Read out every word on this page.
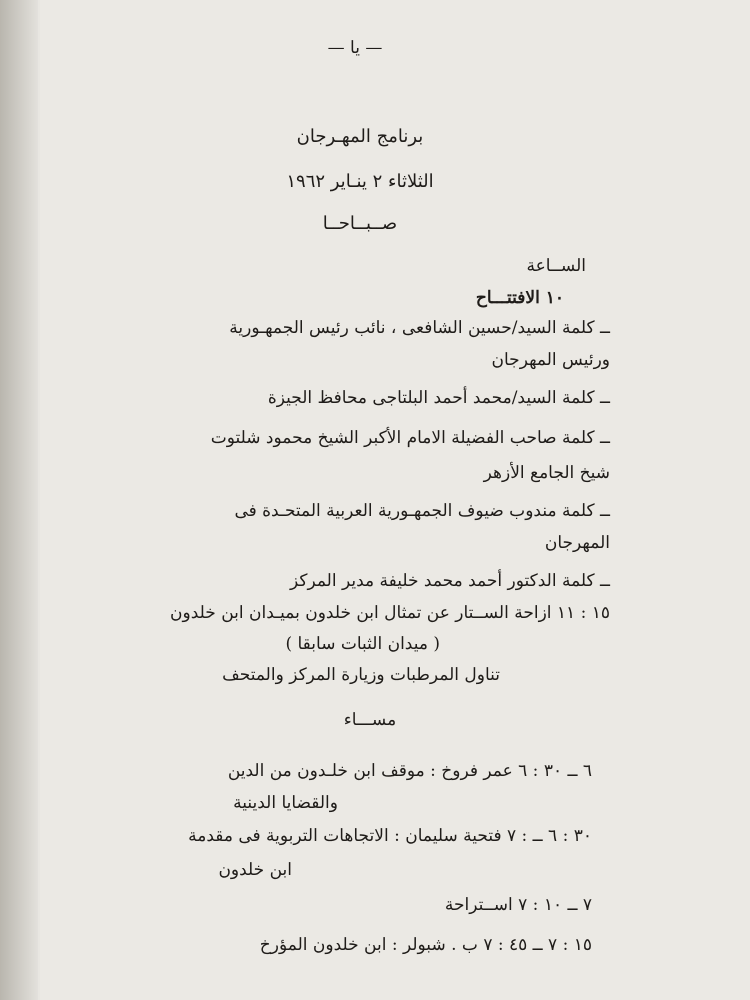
— يا —
برنامج المهـرجان
الثلاثاء ٢ ينـاير ١٩٦٢
صــبــاحــا
الســاعة
١٠ الافتتـــاح
ــ كلمة السيد/حسين الشافعى ، نائب رئيس الجمهـورية
ورئيس المهرجان
ــ كلمة السيد/محمد أحمد البلتاجى محافظ الجيزة
ــ كلمة صاحب الفضيلة الامام الأكبر الشيخ محمود شلتوت
شيخ الجامع الأزهر
ــ كلمة مندوب ضيوف الجمهـورية العربية المتحـدة فى
المهرجان
ــ كلمة الدكتور أحمد محمد خليفة مدير المركز
١٥ : ١١ ازاحة الســتار عن تمثال ابن خلدون بميـدان ابن خلدون
( ميدان الثبات سابقا )
تناول المرطبات وزيارة المركز والمتحف
مســـاء
٦ ــ ٣٠ : ٦ عمر فروخ : موقف ابن خلـدون من الدين
والقضايا الدينية
٣٠ : ٦ ــ : ٧ فتحية سليمان : الاتجاهات التربوية فى مقدمة
ابن خلدون
٧ ــ ١٠ : ٧ اســتراحة
١٥ : ٧ ــ ٤٥ : ٧ ب . شبولر : ابن خلدون المؤرخ
